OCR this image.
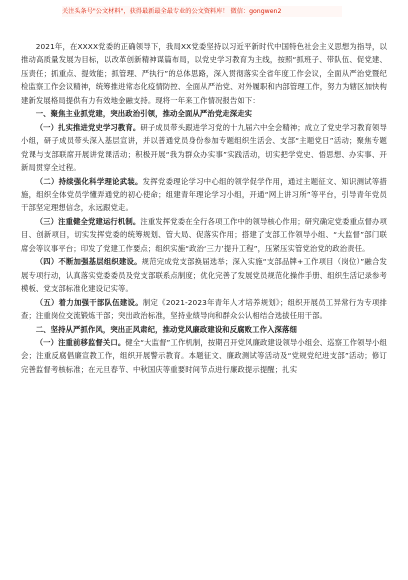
关注头条号"公文材料"，获得最新最全最专业的公文资料库！ 微信：gongwen2

2021年，在XXXX党委的正确领导下，我局XX党委坚持以习近平新时代中国特色社会主义思想为指导，以推动高质量发展为目标，以改革创新精神谋篇布局，以党史学习教育为主线，按照“抓班子、带队伍、促党建、压责任；抓重点、提效能；抓管理、严执行”的总体思路，深入贯彻落实全省年度工作会议，全面从严治党暨纪检监察工作会议精神，统筹推进常态化疫情防控、全面从严治党、对外履职和内部管理工作，努力为辖区加快构建新发展格局提供有力有效地金融支持。现将一年来工作情况报告如下：

一、聚焦主业抓党建，突出政治引领，推动全面从严治党走深走实

（一）扎实推进党史学习教育。研子成员带头跟进学习党的十九届六中全会精神；成立了党史学习教育领导小组，研子成员带头深入基层宣讲，并以普通党员身份参加专题组织生活会、支部“主题党日”活动；聚焦专题党课与支部联席开展讲党课活动；积极开展“我为群众办实事”实践活动，切实把学党史、悟思想、办实事、开新局贯穿全过程。

（二）持续强化科学理论武装。发挥党委理论学习中心组的领学促学作用，通过主题征文、知识测试等措施，组织全体党员学懂弄通党的初心使命；组建青年理论学习小组，开通“网上讲习所”等平台，引导青年党员干部坚定理想信念，永远跟党走。

（三）注重健全党建运行机制。注重发挥党委在全行各项工作中的领导核心作用；研究确定党委重点督办项目、创新项目，切实发挥党委的统筹规划、管大局、促落实作用；搭建了支部工作领导小组、“大监督”部门联席会等议事平台；印发了党建工作要点；组织实施“政治‘三力’提升工程”，压紧压实管党治党的政治责任。

（四）不断加强基层组织建设。规范完成党支部换届选举；深入实施“支部品牌+工作项目（岗位）”融合发展专项行动，认真落实党委委员及党支部联系点制度；优化完善了发展党员规范化操作手册、组织生活记录参考模板、党支部标准化建设记实等。

（五）着力加强干部队伍建设。制定《2021-2023年青年人才培养规划》；组织开展员工异常行为专项排查；注重岗位交流锻炼干部；突出政治标准，坚持业绩导向和群众公认相结合选拔任用干部。

二、坚持从严抓作风，突出正风肃纪，推动党风廉政建设和反腐败工作入深落细

（一）注重前移监督关口。健全“大监督”工作机制，按期召开党风廉政建设领导小组会、巡察工作领导小组会；注重反腐倡廉宣教工作，组织开展警示教育。本题征文、廉政测试等活动及“党规党纪进支部”活动；修订完善监督考核标准；在元旦春节、中秋国庆等重要时间节点进行廉政提示提醒；扎实
